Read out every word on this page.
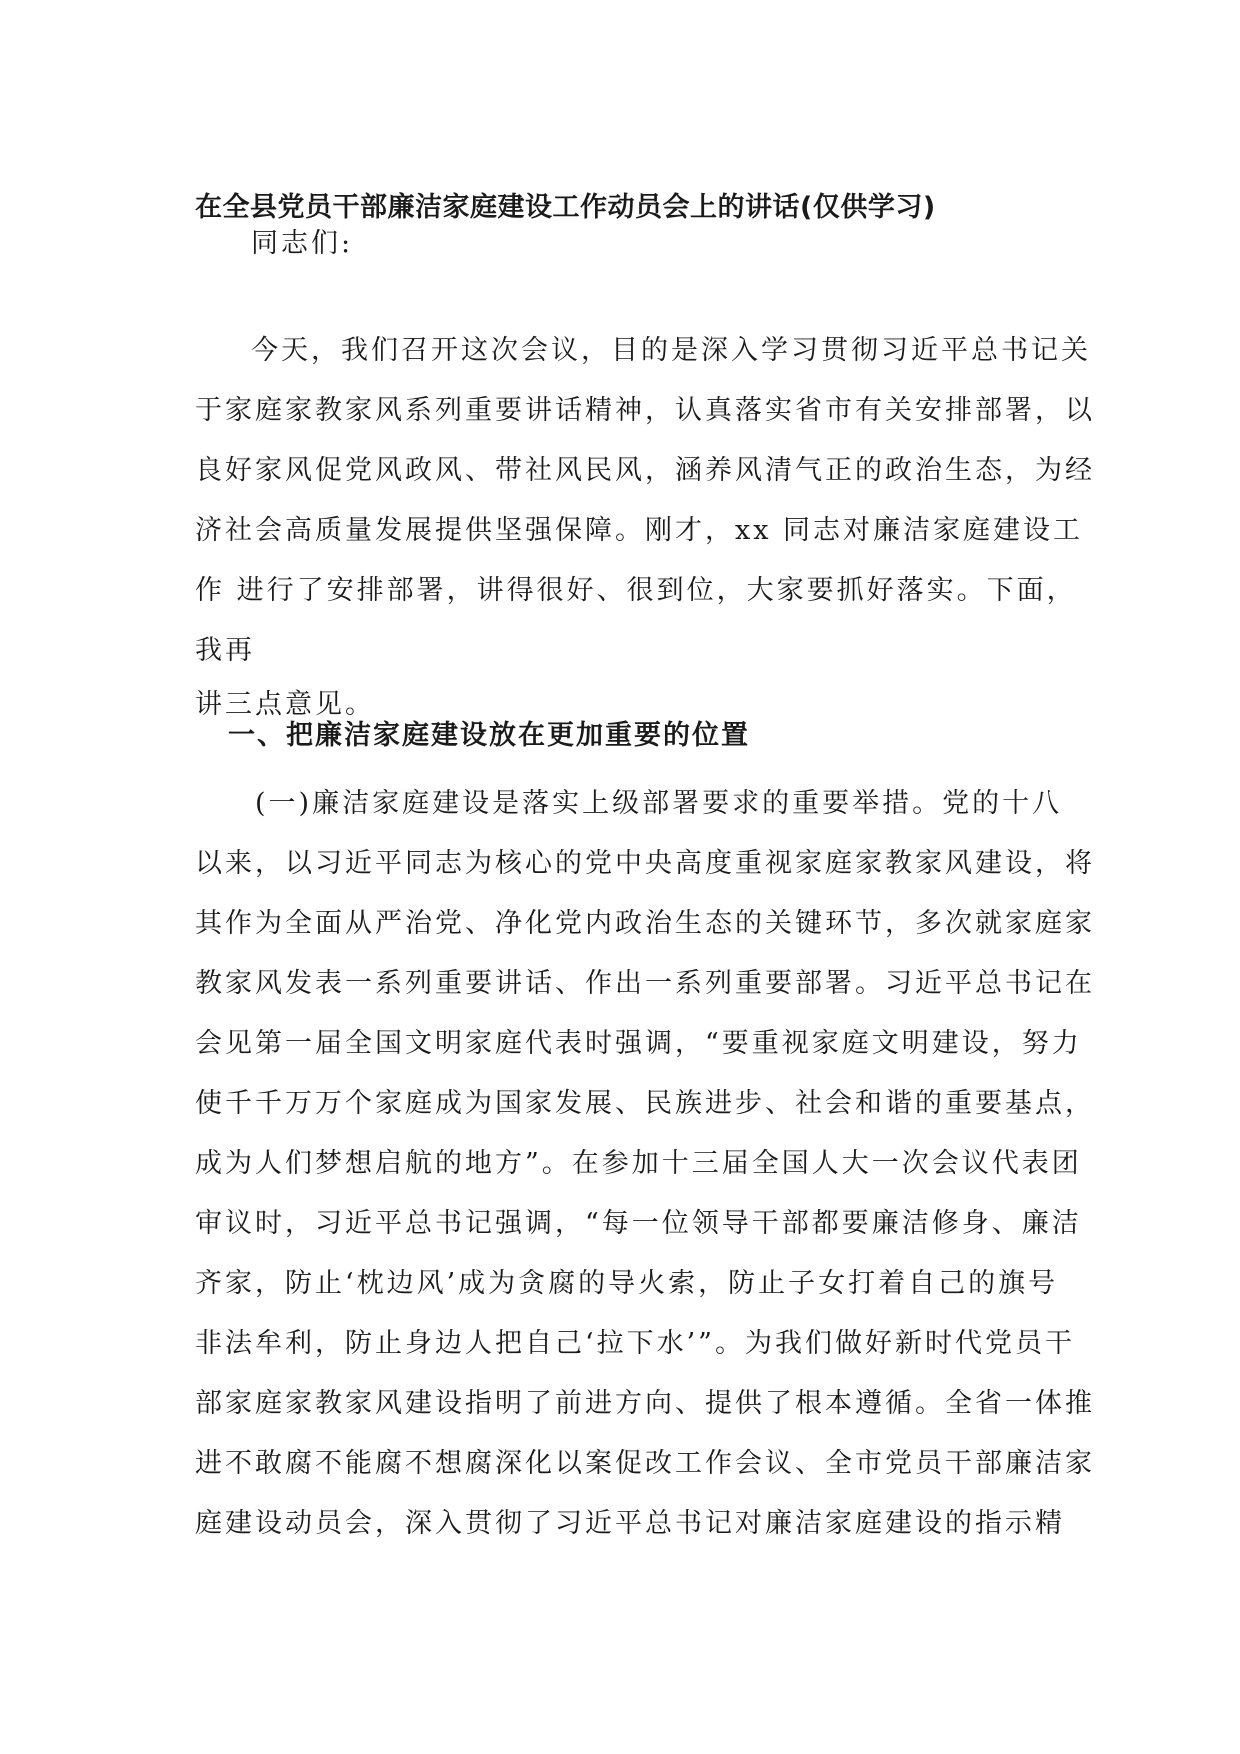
在全县党员干部廉洁家庭建设工作动员会上的讲话(仅供学习)

同志们:

今天，我们召开这次会议，目的是深入学习贯彻习近平总书记关
于家庭家教家风系列重要讲话精神，认真落实省市有关安排部署，以
良好家风促党风政风、带社风民风，涵养风清气正的政治生态，为经
济社会高质量发展提供坚强保障。刚才，xx 同志对廉洁家庭建设工
作 进行了安排部署，讲得很好、很到位，大家要抓好落实。下面，
我再
讲三点意见。
一、把廉洁家庭建设放在更加重要的位置
(一)廉洁家庭建设是落实上级部署要求的重要举措。党的十八
以来，以习近平同志为核心的党中央高度重视家庭家教家风建设，将
其作为全面从严治党、净化党内政治生态的关键环节，多次就家庭家
教家风发表一系列重要讲话、作出一系列重要部署。习近平总书记在
会见第一届全国文明家庭代表时强调，“要重视家庭文明建设，努力
使千千万万个家庭成为国家发展、民族进步、社会和谐的重要基点，
成为人们梦想启航的地方”。在参加十三届全国人大一次会议代表团
审议时，习近平总书记强调，“每一位领导干部都要廉洁修身、廉洁
齐家，防止‘枕边风’成为贪腐的导火索，防止子女打着自己的旗号
非法牟利，防止身边人把自己‘拉下水’”。为我们做好新时代党员干
部家庭家教家风建设指明了前进方向、提供了根本遵循。全省一体推
进不敢腐不能腐不想腐深化以案促改工作会议、全市党员干部廉洁家
庭建设动员会，深入贯彻了习近平总书记对廉洁家庭建设的指示精
